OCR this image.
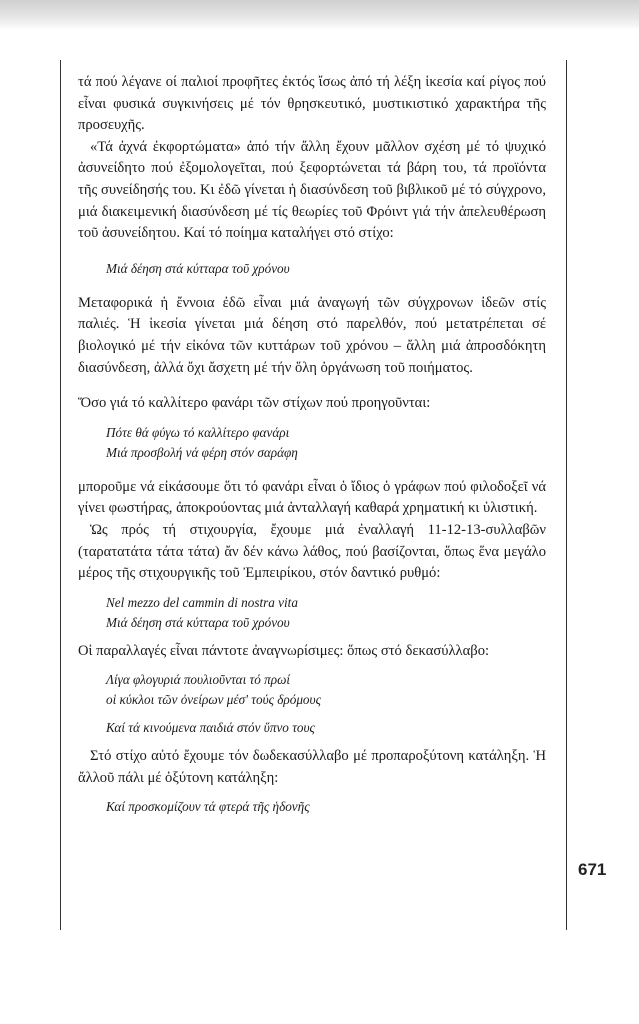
τά πού λέγανε οί παλιοί προφῆτες ἐκτός ἴσως ἀπό τή λέξη ἱκεσία καί ρίγος πού εἶναι φυσικά συγκινήσεις μέ τόν θρησκευτικό, μυστικιστικό χαρακτήρα τῆς προσευχῆς.

«Τά ἀχνά ἐκφορτώματα» ἀπό τήν ἄλλη ἔχουν μᾶλλον σχέση μέ τό ψυχικό ἀσυνείδητο πού ἐξομολογεῖται, πού ξεφορτώνεται τά βάρη του, τά προϊόντα τῆς συνείδησής του. Κι ἐδῶ γίνεται ἡ διασύνδεση τοῦ βιβλικοῦ μέ τό σύγχρονο, μιά διακειμενική διασύνδεση μέ τίς θεωρίες τοῦ Φρόιντ γιά τήν ἀπελευθέρωση τοῦ ἀσυνείδητου. Καί τό ποίημα καταλήγει στό στίχο:

Μιά δέηση στά κύτταρα τοῦ χρόνου

Μεταφορικά ἡ ἔννοια ἐδῶ εἶναι μιά ἀναγωγή τῶν σύγχρονων ἰδεῶν στίς παλιές. Ἡ ἱκεσία γίνεται μιά δέηση στό παρελθόν, πού μετατρέπεται σέ βιολογικό μέ τήν εἰκόνα τῶν κυττάρων τοῦ χρόνου – ἄλλη μιά ἀπροσδόκητη διασύνδεση, ἀλλά ὄχι ἄσχετη μέ τήν ὅλη ὀργάνωση τοῦ ποιήματος.

Ὅσο γιά τό καλλίτερο φανάρι τῶν στίχων πού προηγοῦνται:

Πότε θά φύγω τό καλλίτερο φανάρι

Μιά προσβολή νά φέρη στόν σαράφη

μποροῦμε νά εἰκάσουμε ὅτι τό φανάρι εἶναι ὁ ἴδιος ὁ γράφων πού φιλοδοξεῖ νά γίνει φωστήρας, ἀποκρούοντας μιά ἀνταλλαγή καθαρά χρηματική κι ὑλιστική.

Ὡς πρός τή στιχουργία, ἔχουμε μιά ἐναλλαγή 11-12-13-συλλαβῶν (ταρατατάτα τάτα τάτα) ἄν δέν κάνω λάθος, πού βασίζονται, ὅπως ἕνα μεγάλο μέρος τῆς στιχουργικῆς τοῦ Ἐμπειρίκου, στόν δαντικό ρυθμό:

Nel mezzo del cammin di nostra vita

Μιά δέηση στά κύτταρα τοῦ χρόνου

Οἱ παραλλαγές εἶναι πάντοτε ἀναγνωρίσιμες: ὅπως στό δεκασύλλαβο:

Λίγα φλογυριά πουλιοῦνται τό πρωί

οἱ κύκλοι τῶν ὀνείρων μέσ' τούς δρόμους

Καί τά κινούμενα παιδιά στόν ὕπνο τους

Στό στίχο αὐτό ἔχουμε τόν δωδεκασύλλαβο μέ προπαροξύτονη κατάληξη. Ἡ ἄλλοῦ πάλι μέ ὀξύτονη κατάληξη:

Καί προσκομίζουν τά φτερά τῆς ἡδονῆς

671
